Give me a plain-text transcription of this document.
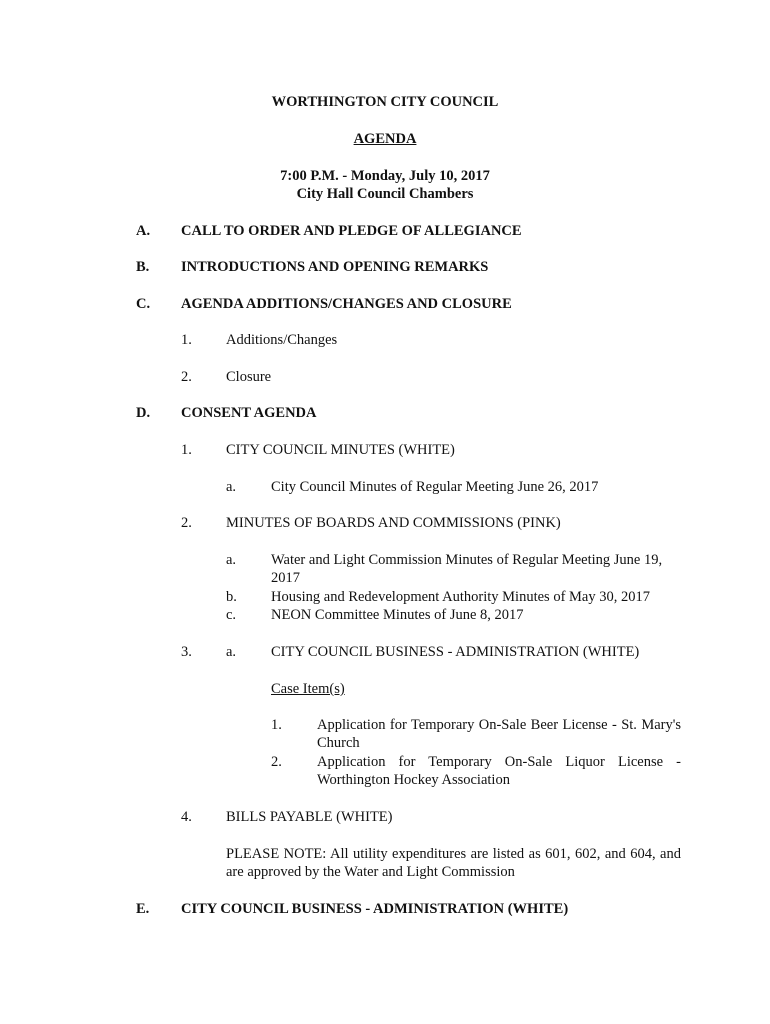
WORTHINGTON CITY COUNCIL
AGENDA
7:00 P.M. - Monday, July 10, 2017
City Hall Council Chambers
A. CALL TO ORDER AND PLEDGE OF ALLEGIANCE
B. INTRODUCTIONS AND OPENING REMARKS
C. AGENDA ADDITIONS/CHANGES AND CLOSURE
1. Additions/Changes
2. Closure
D. CONSENT AGENDA
1. CITY COUNCIL MINUTES (WHITE)
a. City Council Minutes of Regular Meeting June 26, 2017
2. MINUTES OF BOARDS AND COMMISSIONS (PINK)
a. Water and Light Commission Minutes of Regular Meeting June 19,
2017
b. Housing and Redevelopment Authority Minutes of May 30, 2017
c. NEON Committee Minutes of June 8, 2017
3. a. CITY COUNCIL BUSINESS - ADMINISTRATION (WHITE)
Case Item(s)
1. Application for Temporary On-Sale Beer License - St. Mary's Church
2. Application for Temporary On-Sale Liquor License - Worthington Hockey Association
4. BILLS PAYABLE (WHITE)
PLEASE NOTE: All utility expenditures are listed as 601, 602, and 604, and are approved by the Water and Light Commission
E. CITY COUNCIL BUSINESS - ADMINISTRATION (WHITE)
